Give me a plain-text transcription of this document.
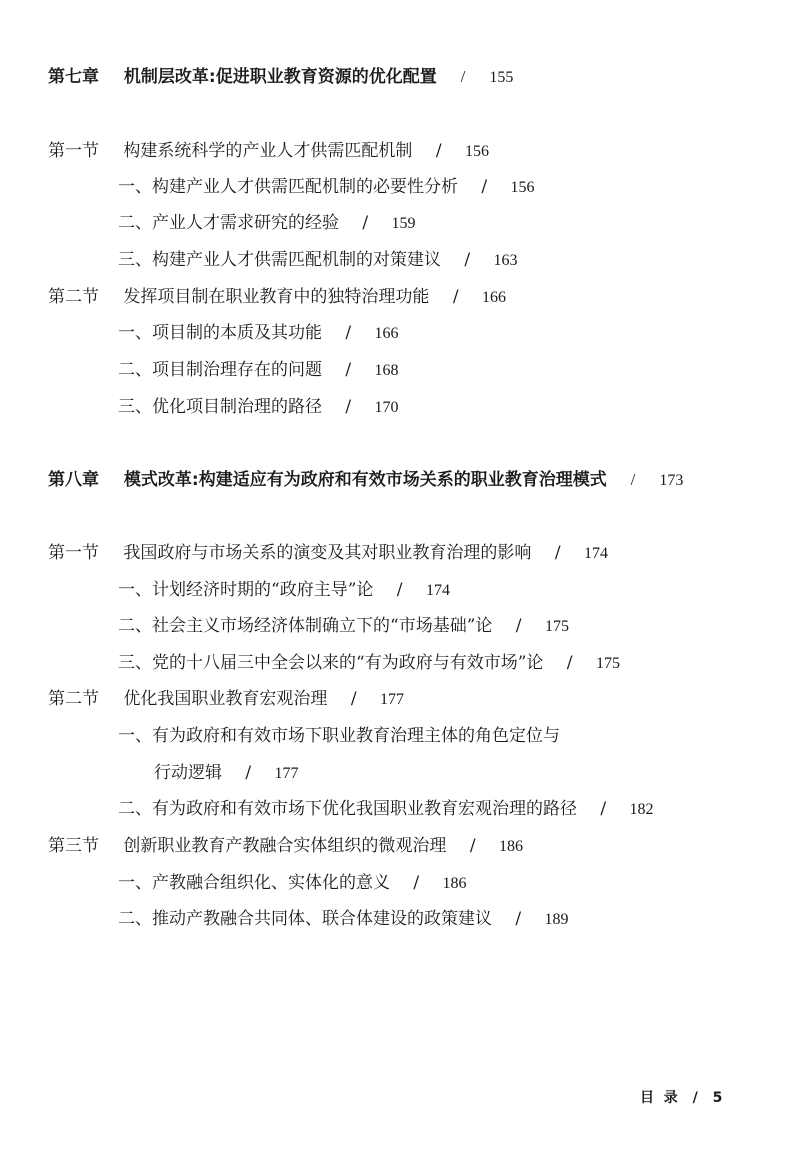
第七章 机制层改革:促进职业教育资源的优化配置 / 155
第一节 构建系统科学的产业人才供需匹配机制 / 156
一、构建产业人才供需匹配机制的必要性分析 / 156
二、产业人才需求研究的经验 / 159
三、构建产业人才供需匹配机制的对策建议 / 163
第二节 发挥项目制在职业教育中的独特治理功能 / 166
一、项目制的本质及其功能 / 166
二、项目制治理存在的问题 / 168
三、优化项目制治理的路径 / 170
第八章 模式改革:构建适应有为政府和有效市场关系的职业教育治理模式 / 173
第一节 我国政府与市场关系的演变及其对职业教育治理的影响 / 174
一、计划经济时期的“政府主导”论 / 174
二、社会主义市场经济体制确立下的“市场基础”论 / 175
三、党的十八届三中全会以来的“有为政府与有效市场”论 / 175
第二节 优化我国职业教育宏观治理 / 177
一、有为政府和有效市场下职业教育治理主体的角色定位与
行动逻辑 / 177
二、有为政府和有效市场下优化我国职业教育宏观治理的路径 / 182
第三节 创新职业教育产教融合实体组织的微观治理 / 186
一、产教融合组织化、实体化的意义 / 186
二、推动产教融合共同体、联合体建设的政策建议 / 189
目  录 / 5
